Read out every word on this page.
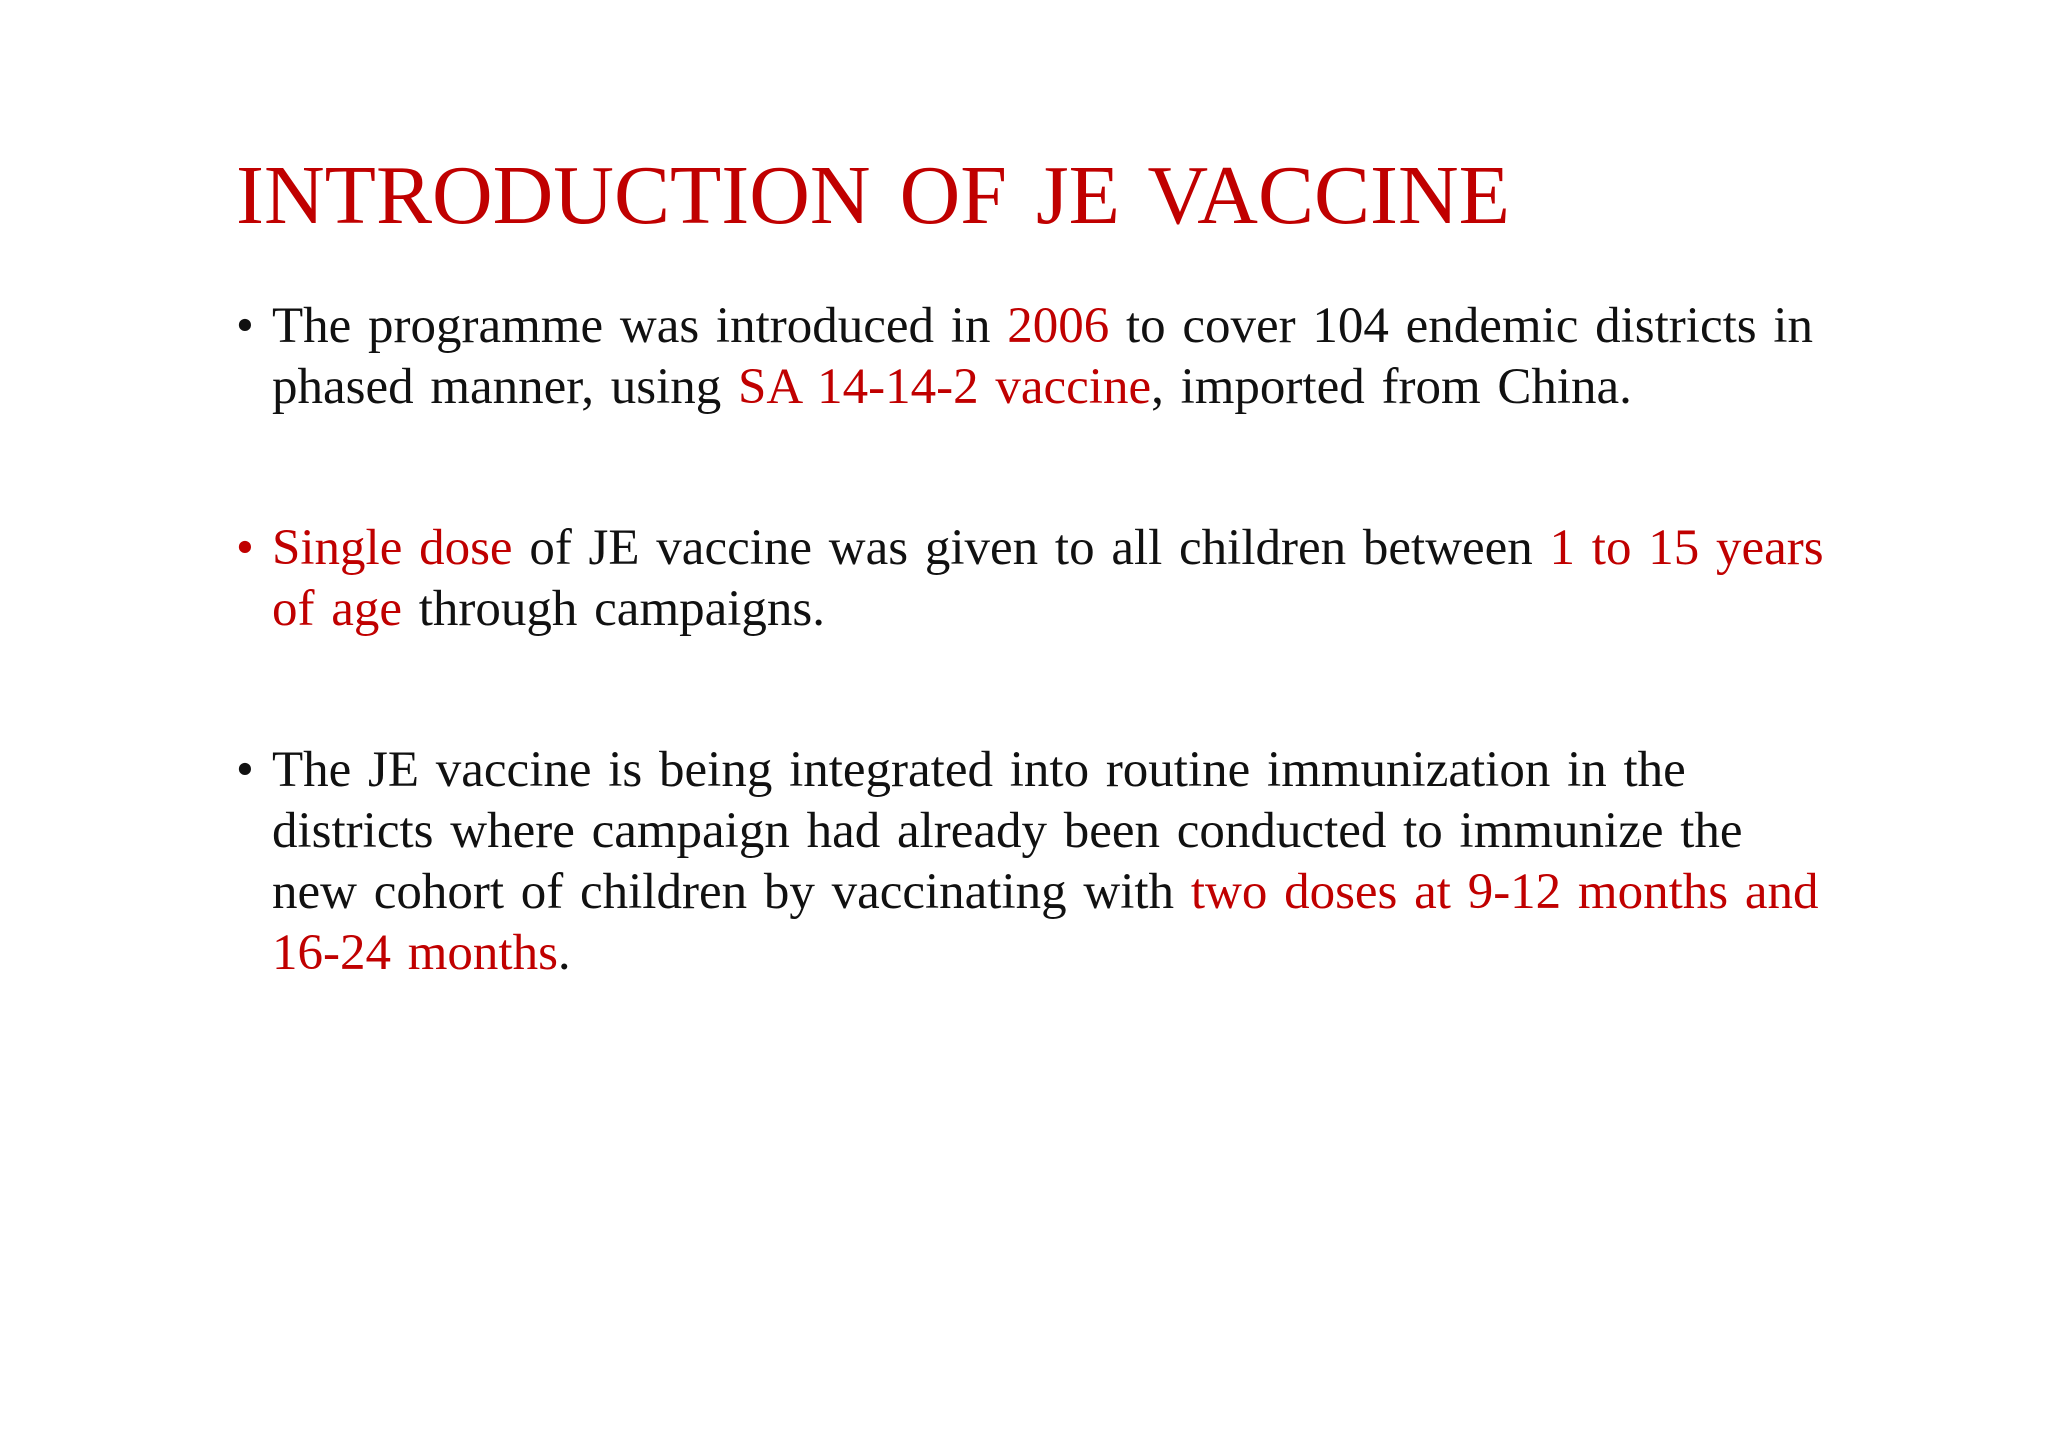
INTRODUCTION OF JE VACCINE
• The programme was introduced in 2006 to cover 104 endemic districts in phased manner, using SA 14-14-2 vaccine, imported from China.
• Single dose of JE vaccine was given to all children between 1 to 15 years of age through campaigns.
• The JE vaccine is being integrated into routine immunization in the districts where campaign had already been conducted to immunize the new cohort of children by vaccinating with two doses at 9-12 months and 16-24 months.
